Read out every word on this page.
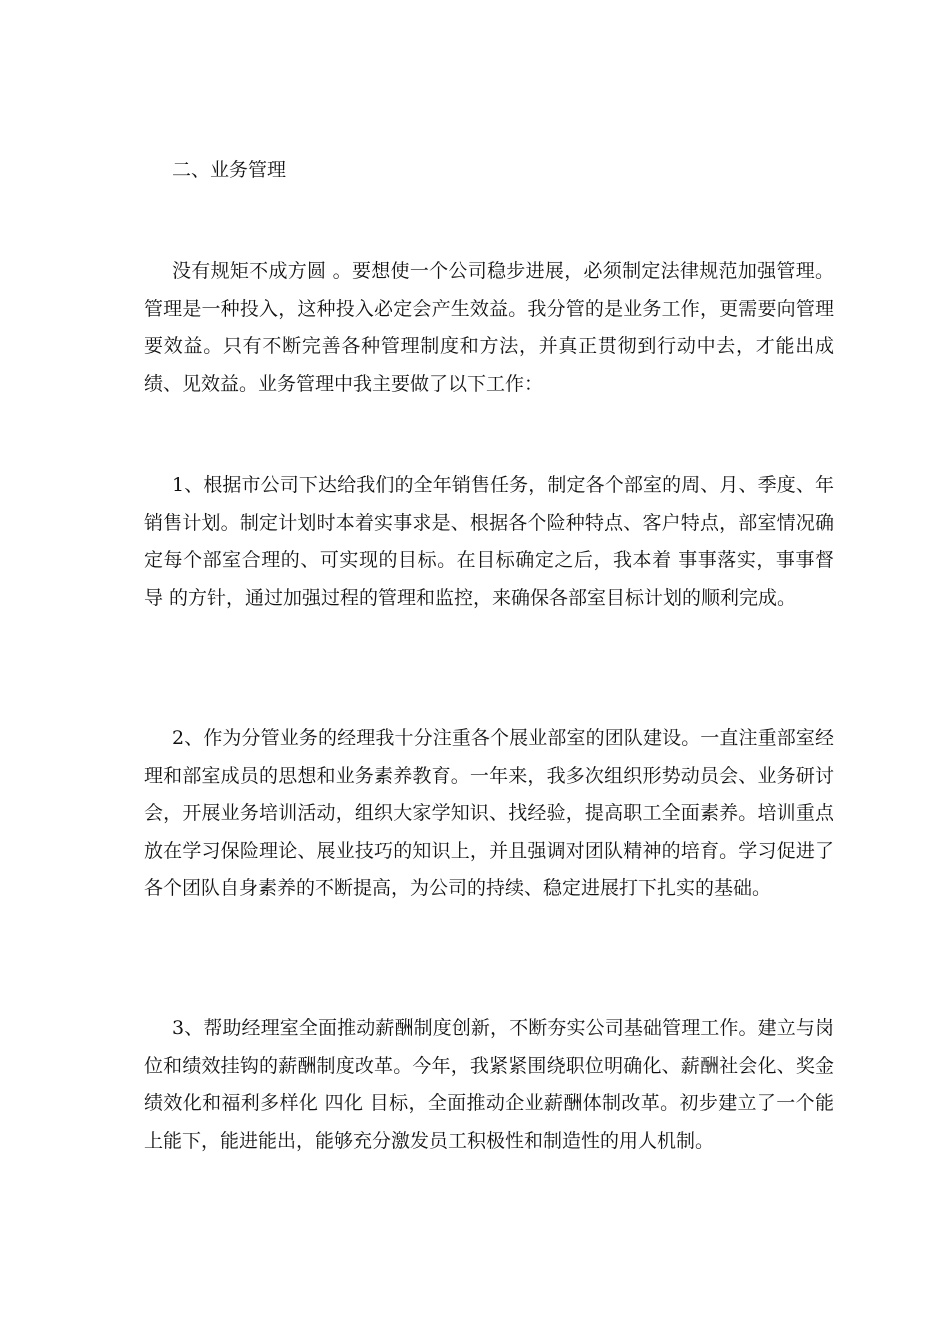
二、业务管理

没有规矩不成方圆 。要想使一个公司稳步进展，必须制定法律规范加强管理。管理是一种投入，这种投入必定会产生效益。我分管的是业务工作，更需要向管理要效益。只有不断完善各种管理制度和方法，并真正贯彻到行动中去，才能出成绩、见效益。业务管理中我主要做了以下工作：

1、根据市公司下达给我们的全年销售任务，制定各个部室的周、月、季度、年销售计划。制定计划时本着实事求是、根据各个险种特点、客户特点，部室情况确定每个部室合理的、可实现的目标。在目标确定之后，我本着 事事落实，事事督导 的方针，通过加强过程的管理和监控，来确保各部室目标计划的顺利完成。

2、作为分管业务的经理我十分注重各个展业部室的团队建设。一直注重部室经理和部室成员的思想和业务素养教育。一年来，我多次组织形势动员会、业务研讨会，开展业务培训活动，组织大家学知识、找经验，提高职工全面素养。培训重点放在学习保险理论、展业技巧的知识上，并且强调对团队精神的培育。学习促进了各个团队自身素养的不断提高，为公司的持续、稳定进展打下扎实的基础。

3、帮助经理室全面推动薪酬制度创新，不断夯实公司基础管理工作。建立与岗位和绩效挂钩的薪酬制度改革。今年，我紧紧围绕职位明确化、薪酬社会化、奖金绩效化和福利多样化 四化 目标，全面推动企业薪酬体制改革。初步建立了一个能上能下，能进能出，能够充分激发员工积极性和制造性的用人机制。
